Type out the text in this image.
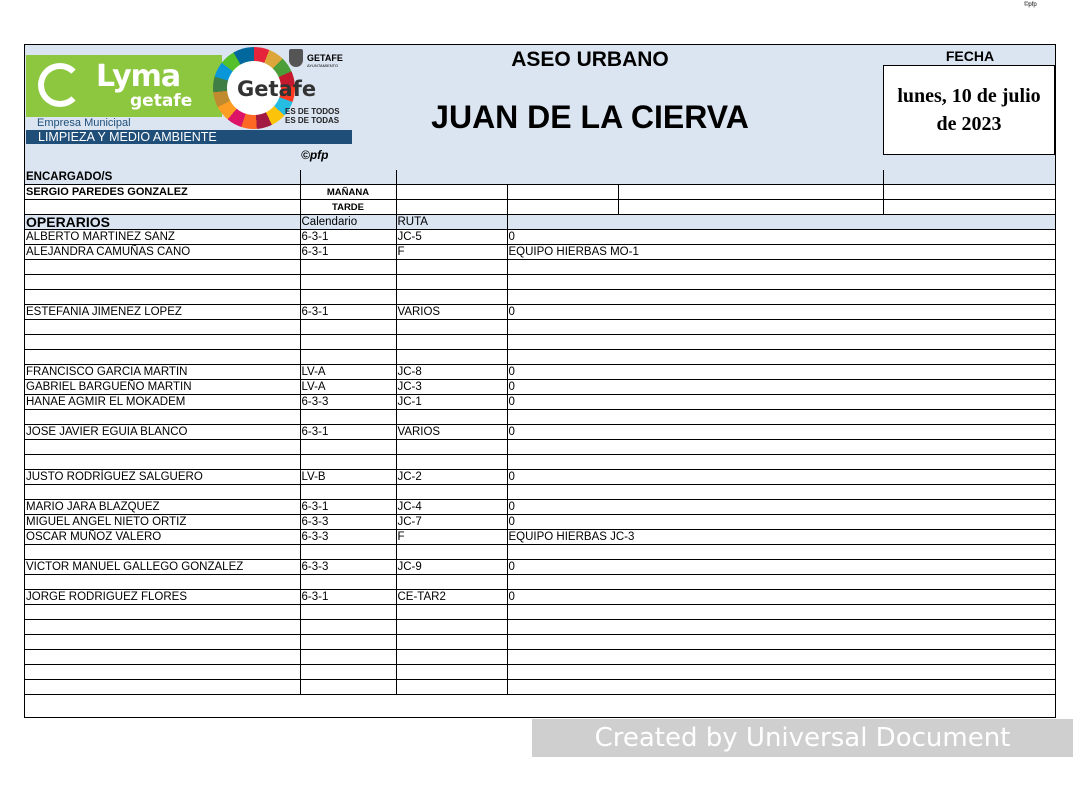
©pfp
Lyma
getafe Getafe
GETAFE
AYUNTAMIENTO
ES DE TODOS
ES DE TODAS
Empresa Municipal
LIMPIEZA Y MEDIO AMBIENTE
©pfp
ASEO URBANO
JUAN DE LA CIERVA
FECHA
lunes, 10 de julio de 2023
ENCARGADO/S					
SERGIO PAREDES GONZALEZ	MAÑANA				
	TARDE				
OPERARIOS	Calendario	RUTA			
ALBERTO MARTINEZ SANZ	6-3-1	JC-5	0		
ALEJANDRA CAMUÑAS CANO	6-3-1	F	EQUIPO HIERBAS MO-1		

ESTEFANIA JIMENEZ LOPEZ	6-3-1	VARIOS	0		

FRANCISCO GARCIA MARTIN	LV-A	JC-8	0		
GABRIEL BARGUEÑO MARTIN	LV-A	JC-3	0		
HANAE AGMIR EL MOKADEM	6-3-3	JC-1	0		

JOSE JAVIER EGUIA BLANCO	6-3-1	VARIOS	0		

JUSTO RODRÍGUEZ SALGUERO	LV-B	JC-2	0		

MARIO JARA BLAZQUEZ	6-3-1	JC-4	0		
MIGUEL ANGEL NIETO ORTIZ	6-3-3	JC-7	0		
OSCAR MUÑOZ VALERO	6-3-3	F	EQUIPO HIERBAS JC-3		

VICTOR MANUEL GALLEGO GONZALEZ	6-3-3	JC-9	0		

JORGE RODRIGUEZ FLORES	6-3-1	CE-TAR2	0		

Created by Universal Document Converter
